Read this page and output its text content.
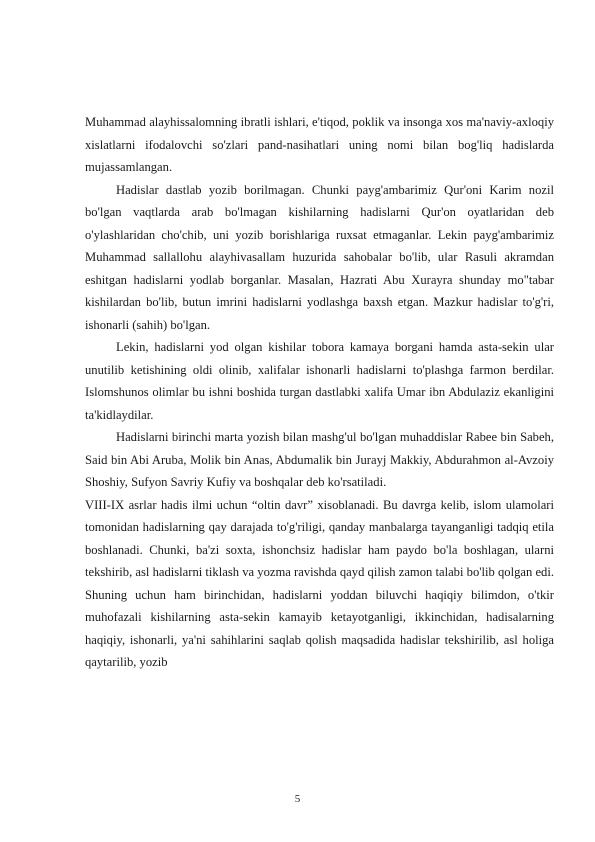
Muhammad alayhissalomning ibratli ishlari, e'tiqod, poklik va insonga xos ma'naviy-axloqiy xislatlarni ifodalovchi so'zlari pand-nasihatlari uning nomi bilan bog'liq hadislarda mujassamlangan.

Hadislar dastlab yozib borilmagan. Chunki payg'ambarimiz Qur'oni Karim nozil bo'lgan vaqtlarda arab bo'lmagan kishilarning hadislarni Qur'on oyatlaridan deb o'ylashlaridan cho'chib, uni yozib borishlariga ruxsat etmaganlar. Lekin payg'ambarimiz Muhammad sallallohu alayhivasallam huzurida sahobalar bo'lib, ular Rasuli akramdan eshitgan hadislarni yodlab borganlar. Masalan, Hazrati Abu Xurayra shunday mo"tabar kishilardan bo'lib, butun imrini hadislarni yodlashga baxsh etgan. Mazkur hadislar to'g'ri, ishonarli (sahih) bo'lgan.

Lekin, hadislarni yod olgan kishilar tobora kamaya borgani hamda asta-sekin ular unutilib ketishining oldi olinib, xalifalar ishonarli hadislarni to'plashga farmon berdilar. Islomshunos olimlar bu ishni boshida turgan dastlabki xalifa Umar ibn Abdulaziz ekanligini ta'kidlaydilar.

Hadislarni birinchi marta yozish bilan mashg'ul bo'lgan muhaddislar Rabee bin Sabeh, Said bin Abi Aruba, Molik bin Anas, Abdumalik bin Jurayj Makkiy, Abdurahmon al-Avzoiy Shoshiy, Sufyon Savriy Kufiy va boshqalar deb ko'rsatiladi.

VIII-IX asrlar hadis ilmi uchun “oltin davr” xisoblanadi. Bu davrga kelib, islom ulamolari tomonidan hadislarning qay darajada to'g'riligi, qanday manbalarga tayanganligi tadqiq etila boshlanadi. Chunki, ba'zi soxta, ishonchsiz hadislar ham paydo bo'la boshlagan, ularni tekshirib, asl hadislarni tiklash va yozma ravishda qayd qilish zamon talabi bo'lib qolgan edi. Shuning uchun ham birinchidan, hadislarni yoddan biluvchi haqiqiy bilimdon, o'tkir muhofazali kishilarning asta-sekin kamayib ketayotganligi, ikkinchidan, hadisalarning haqiqiy, ishonarli, ya'ni sahihlarini saqlab qolish maqsadida hadislar tekshirilib, asl holiga qaytarilib, yozib

5
